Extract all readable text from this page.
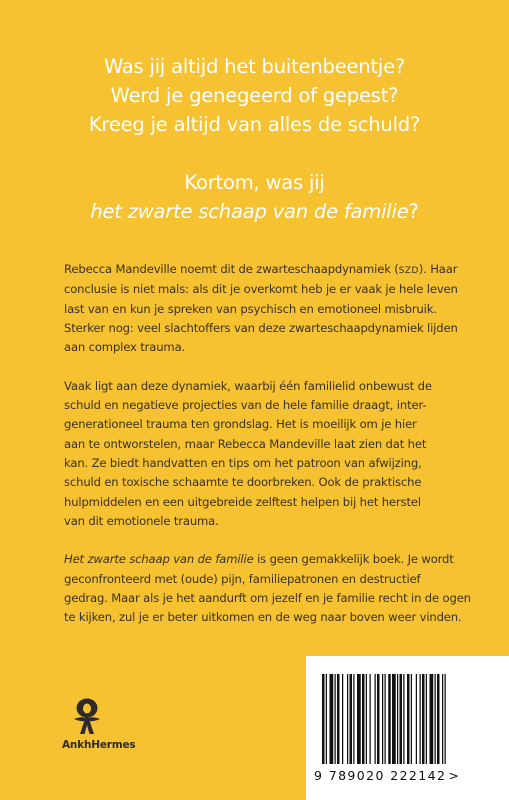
Was jij altijd het buitenbeentje?
Werd je genegeerd of gepest?
Kreeg je altijd van alles de schuld?
Kortom, was jij
het zwarte schaap van de familie?

Rebecca Mandeville noemt dit de zwarteschaapdynamiek (SZD). Haar
conclusie is niet mals: als dit je overkomt heb je er vaak je hele leven
last van en kun je spreken van psychisch en emotioneel misbruik.
Sterker nog: veel slachtoffers van deze zwarteschaapdynamiek lijden
aan complex trauma.

Vaak ligt aan deze dynamiek, waarbij één familielid onbewust de
schuld en negatieve projecties van de hele familie draagt, inter-
generationeel trauma ten grondslag. Het is moeilijk om je hier
aan te ontworstelen, maar Rebecca Mandeville laat zien dat het
kan. Ze biedt handvatten en tips om het patroon van afwijzing,
schuld en toxische schaamte te doorbreken. Ook de praktische
hulpmiddelen en een uitgebreide zelftest helpen bij het herstel
van dit emotionele trauma.

Het zwarte schaap van de familie is geen gemakkelijk boek. Je wordt
geconfronteerd met (oude) pijn, familiepatronen en destructief
gedrag. Maar als je het aandurft om jezelf en je familie recht in de ogen
te kijken, zul je er beter uitkomen en de weg naar boven weer vinden.

AnkhHermes
9 789020 222142 >
